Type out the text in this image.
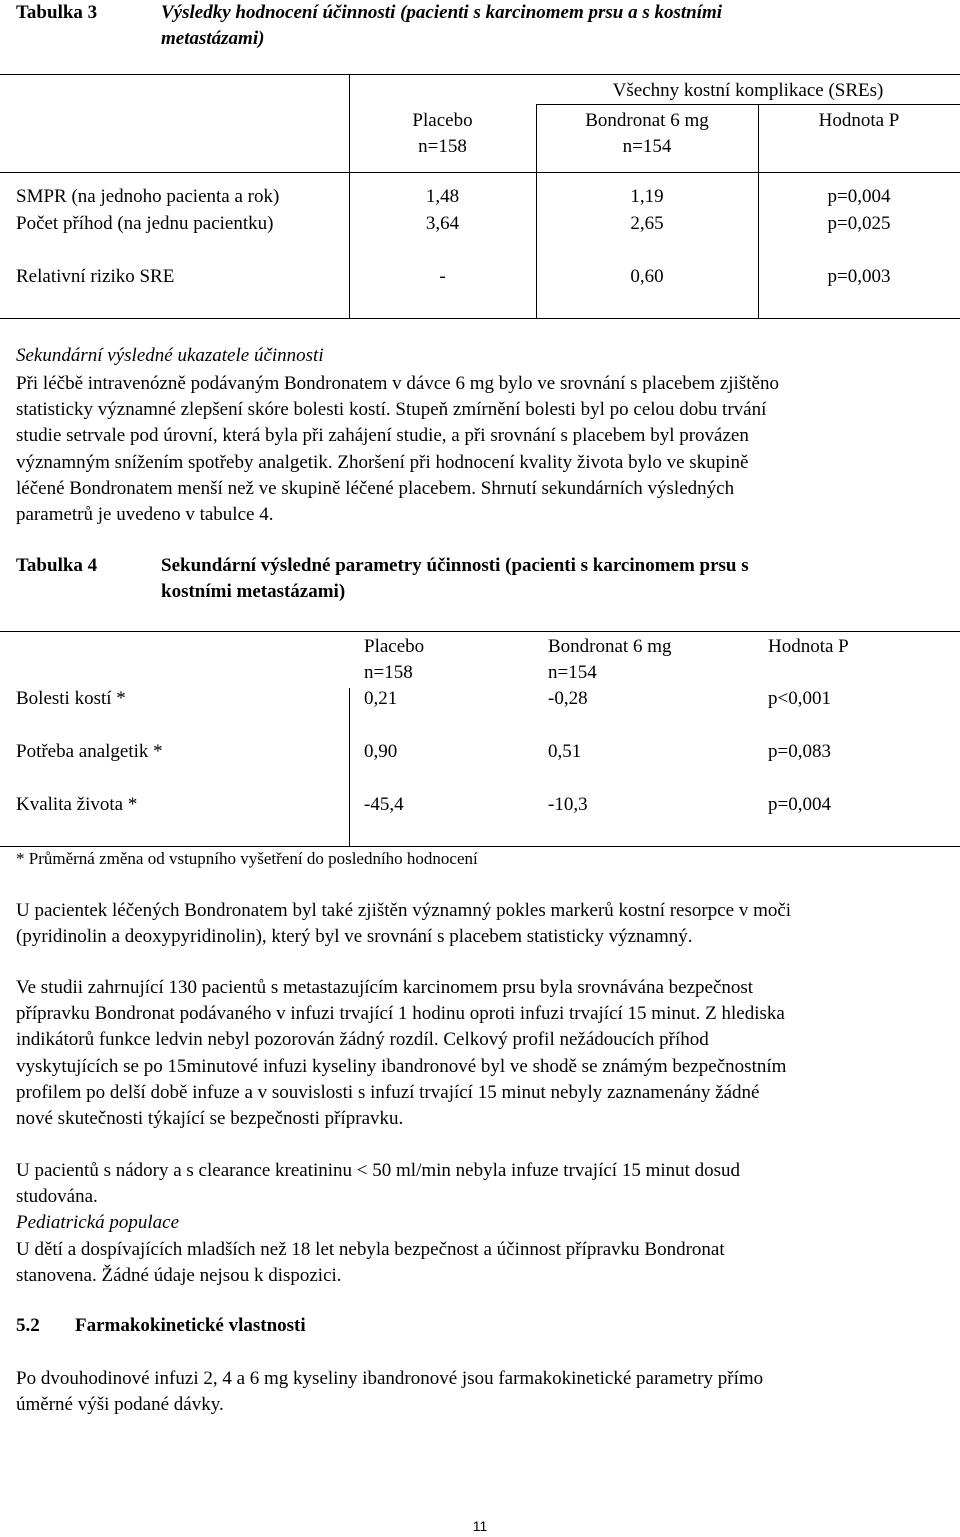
Tabulka 3	Výsledky hodnocení účinnosti (pacienti s karcinomem prsu a s kostními
metastázami)
Všechny kostní komplikace (SREs)
Placebo
n=158
Bondronat 6 mg
n=154
Hodnota P
SMPR (na jednoho pacienta a rok)	1,48	1,19	p=0,004
Počet příhod (na jednu pacientku)	3,64	2,65	p=0,025
Relativní riziko SRE	-	0,60	p=0,003
Sekundární výsledné ukazatele účinnosti
Při léčbě intravenózně podávaným Bondronatem v dávce 6 mg bylo ve srovnání s placebem zjištěno
statisticky významné zlepšení skóre bolesti kostí. Stupeň zmírnění bolesti byl po celou dobu trvání
studie setrvale pod úrovní, která byla při zahájení studie, a při srovnání s placebem byl provázen
významným snížením spotřeby analgetik. Zhoršení při hodnocení kvality života bylo ve skupině
léčené Bondronatem menší než ve skupině léčené placebem. Shrnutí sekundárních výsledných
parametrů je uvedeno v tabulce 4.
Tabulka 4	Sekundární výsledné parametry účinnosti (pacienti s karcinomem prsu s
kostními metastázami)
Placebo
n=158
Bondronat 6 mg
n=154
Hodnota P
Bolesti kostí *	0,21	-0,28	p<0,001
Potřeba analgetik *	0,90	0,51	p=0,083
Kvalita života *	-45,4	-10,3	p=0,004
* Průměrná změna od vstupního vyšetření do posledního hodnocení
U pacientek léčených Bondronatem byl také zjištěn významný pokles markerů kostní resorpce v moči
(pyridinolin a deoxypyridinolin), který byl ve srovnání s placebem statisticky významný.
Ve studii zahrnující 130 pacientů s metastazujícím karcinomem prsu byla srovnávána bezpečnost
přípravku Bondronat podávaného v infuzi trvající 1 hodinu oproti infuzi trvající 15 minut. Z hlediska
indikátorů funkce ledvin nebyl pozorován žádný rozdíl. Celkový profil nežádoucích příhod
vyskytujících se po 15minutové infuzi kyseliny ibandronové byl ve shodě se známým bezpečnostním
profilem po delší době infuze a v souvislosti s infuzí trvající 15 minut nebyly zaznamenány žádné
nové skutečnosti týkající se bezpečnosti přípravku.
U pacientů s nádory a s clearance kreatininu < 50 ml/min nebyla infuze trvající 15 minut dosud
studována.
Pediatrická populace
U dětí a dospívajících mladších než 18 let nebyla bezpečnost a účinnost přípravku Bondronat
stanovena. Žádné údaje nejsou k dispozici.
5.2 Farmakokinetické vlastnosti
Po dvouhodinové infuzi 2, 4 a 6 mg kyseliny ibandronové jsou farmakokinetické parametry přímo
úměrné výši podané dávky.
11
